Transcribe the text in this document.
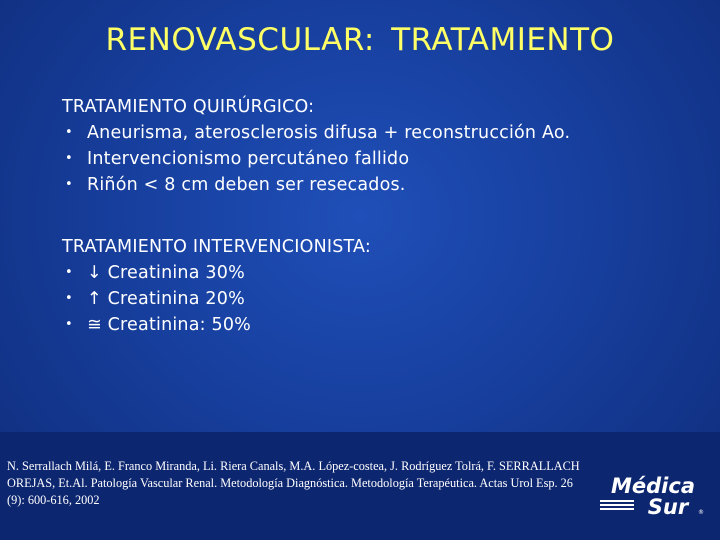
RENOVASCULAR: TRATAMIENTO

TRATAMIENTO QUIRÚRGICO:

• Aneurisma, aterosclerosis difusa + reconstrucción Ao.
• Intervencionismo percutáneo fallido
• Riñón < 8 cm deben ser resecados.

TRATAMIENTO INTERVENCIONISTA:

• ↓ Creatinina 30%
• ↑ Creatinina 20%
• ≅ Creatinina: 50%
N. Serrallach Milá, E. Franco Miranda, Li. Riera Canals, M.A. López-costea, J. Rodríguez Tolrá, F. SERRALLACH OREJAS, Et.Al. Patología Vascular Renal. Metodología Diagnóstica. Metodología Terapéutica. Actas Urol Esp. 26 (9): 600-616, 2002
Médica
Sur ®
